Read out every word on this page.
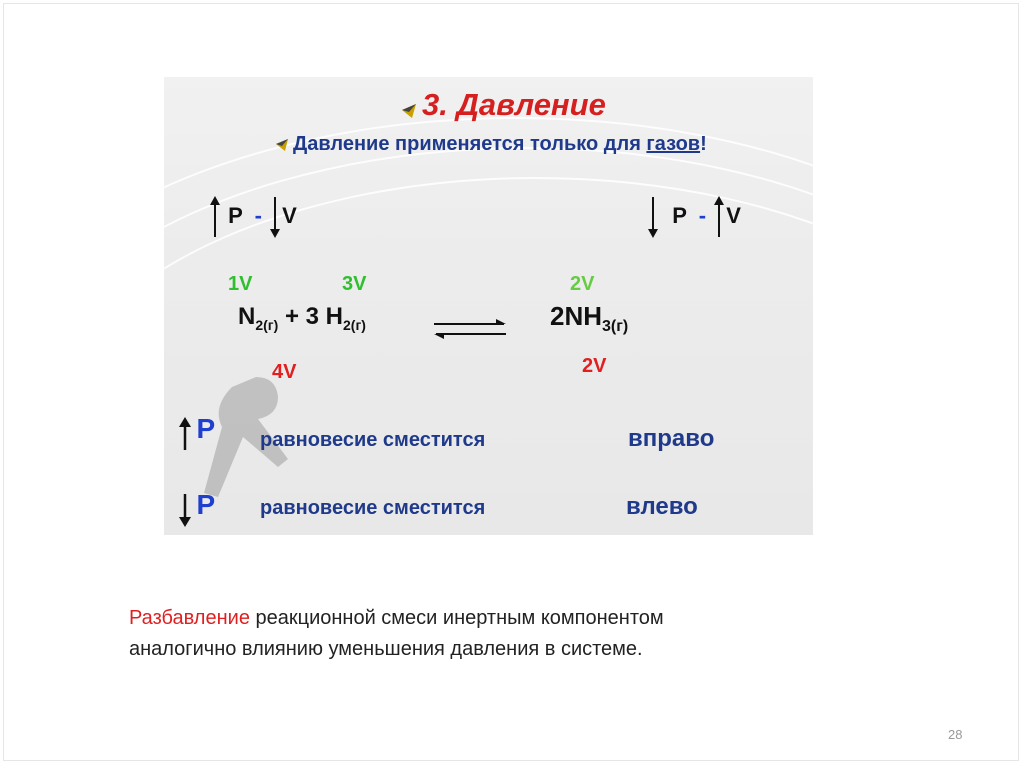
3. Давление
Давление применяется только для газов!
P - V	P - V
1V	3V	2V
$N_{2(г)} + 3$ $H_{2(г)}$	$2NH_{3(г)}$
4V	2V
P равновесие сместится	вправо
P равновесие сместится	влево
Разбавление реакционной смеси инертным компонентом
аналогично влиянию уменьшения давления в системе.
28
